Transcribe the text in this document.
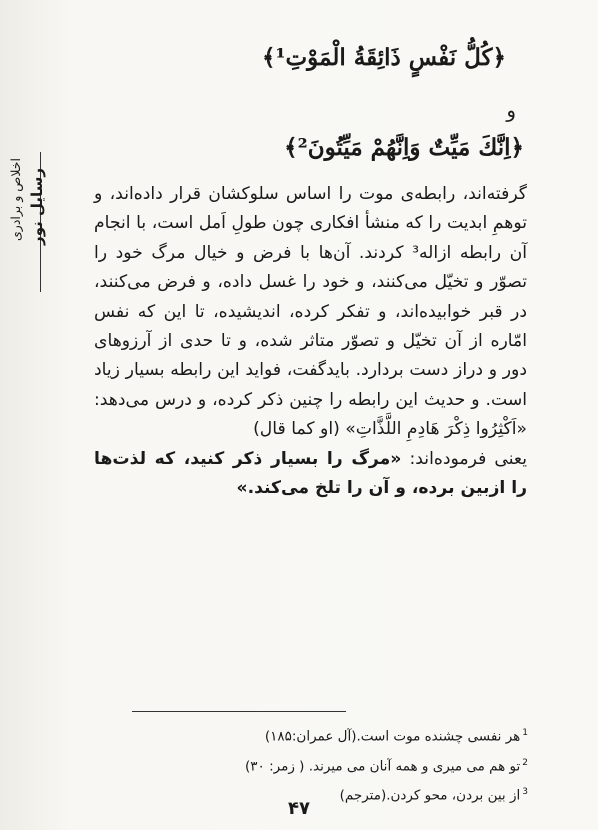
رسایل نور
اخلاص و برادری
﴿كُلُّ نَفْسٍ ذَائِقَةُ الْمَوْتِ¹﴾
و
﴿اِنَّكَ مَيِّتٌ وَاِنَّهُمْ مَيِّتُونَ²﴾

گرفته‌اند، رابطه‌ی موت را اساس سلوکشان قرار داده‌اند، و توهمِ ابدیت را که منشأ افکاری چون طولِ اَمل است، با انجام آن رابطه ازاله³ کردند. آن‌ها با فرض و خیال مرگ خود را تصوّر و تخیّل می‌کنند، و خود را غسل داده، و فرض می‌کنند، در قبر خوابیده‌اند، و تفکر کرده، اندیشیده، تا این که نفس امّاره از آن تخیّل و تصوّر متاثر شده، و تا حدی از آرزوهای دور و دراز دست بردارد. بایدگفت، فواید این رابطه بسیار زیاد است. و حدیث این رابطه را چنین ذکر کرده، و درس می‌دهد: «اَكْثِرُوا ذِكْرَ هَادِمِ اللَّذَّاتِ» (او كما قال)

یعنی فرموده‌اند: «مرگ را بسیار ذکر کنید، که لذت‌ها را ازبین برده، و آن را تلخ می‌کند.»

$^1$هر نفسی چشنده موت است.(آل عمران:۱۸۵)
$^2$تو هم می میری و همه آنان می میرند. ( زمر: ۳۰)
$^3$از بین بردن، محو کردن.(مترجم)
۴۷
